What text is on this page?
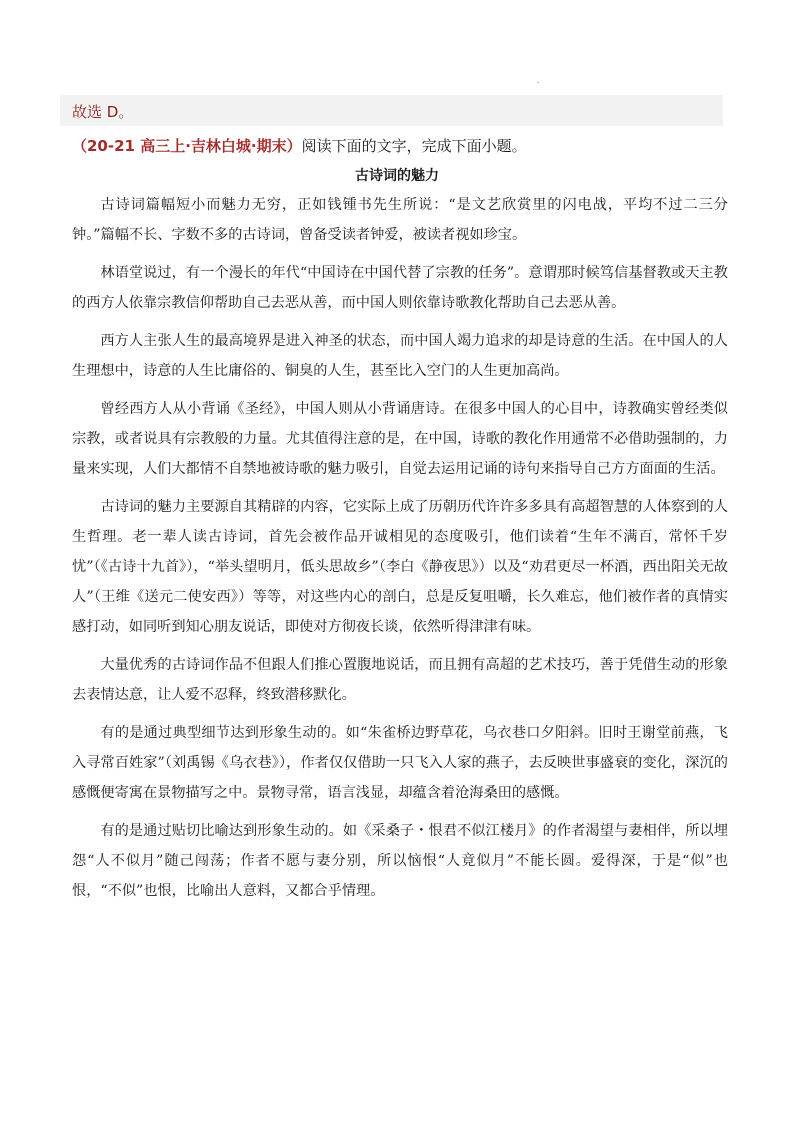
故选 D。
（20-21 高三上·吉林白城·期末）阅读下面的文字，完成下面小题。
古诗词的魅力

古诗词篇幅短小而魅力无穷，正如钱锺书先生所说：“是文艺欣赏里的闪电战，平均不过二三分钟。”篇幅不长、字数不多的古诗词，曾备受读者钟爱，被读者视如珍宝。

林语堂说过，有一个漫长的年代“中国诗在中国代替了宗教的任务”。意谓那时候笃信基督教或天主教的西方人依靠宗教信仰帮助自己去恶从善，而中国人则依靠诗歌教化帮助自己去恶从善。

西方人主张人生的最高境界是进入神圣的状态，而中国人竭力追求的却是诗意的生活。在中国人的人生理想中，诗意的人生比庸俗的、铜臭的人生，甚至比入空门的人生更加高尚。

曾经西方人从小背诵《圣经》，中国人则从小背诵唐诗。在很多中国人的心目中，诗教确实曾经类似宗教，或者说具有宗教般的力量。尤其值得注意的是，在中国，诗歌的教化作用通常不必借助强制的，力量来实现，人们大都情不自禁地被诗歌的魅力吸引，自觉去运用记诵的诗句来指导自己方方面面的生活。

古诗词的魅力主要源自其精辟的内容，它实际上成了历朝历代许许多多具有高超智慧的人体察到的人生哲理。老一辈人读古诗词，首先会被作品开诚相见的态度吸引，他们读着“生年不满百，常怀千岁忧”（《古诗十九首》），“举头望明月，低头思故乡”（李白《静夜思》）以及“劝君更尽一杯酒，西出阳关无故人”（王维《送元二使安西》）等等，对这些内心的剖白，总是反复咀嚼，长久难忘，他们被作者的真情实感打动，如同听到知心朋友说话，即使对方彻夜长谈，依然听得津津有味。

大量优秀的古诗词作品不但跟人们推心置腹地说话，而且拥有高超的艺术技巧，善于凭借生动的形象去表情达意，让人爱不忍释，终致潜移默化。

有的是通过典型细节达到形象生动的。如“朱雀桥边野草花，乌衣巷口夕阳斜。旧时王谢堂前燕，飞入寻常百姓家”（刘禹锡《乌衣巷》），作者仅仅借助一只飞入人家的燕子，去反映世事盛衰的变化，深沉的感慨便寄寓在景物描写之中。景物寻常，语言浅显，却蕴含着沧海桑田的感慨。

有的是通过贴切比喻达到形象生动的。如《采桑子・恨君不似江楼月》的作者渴望与妻相伴，所以埋怨“人不似月”随己闯荡；作者不愿与妻分别，所以恼恨“人竟似月”不能长圆。爱得深，于是“似”也恨，“不似”也恨，比喻出人意料，又都合乎情理。
